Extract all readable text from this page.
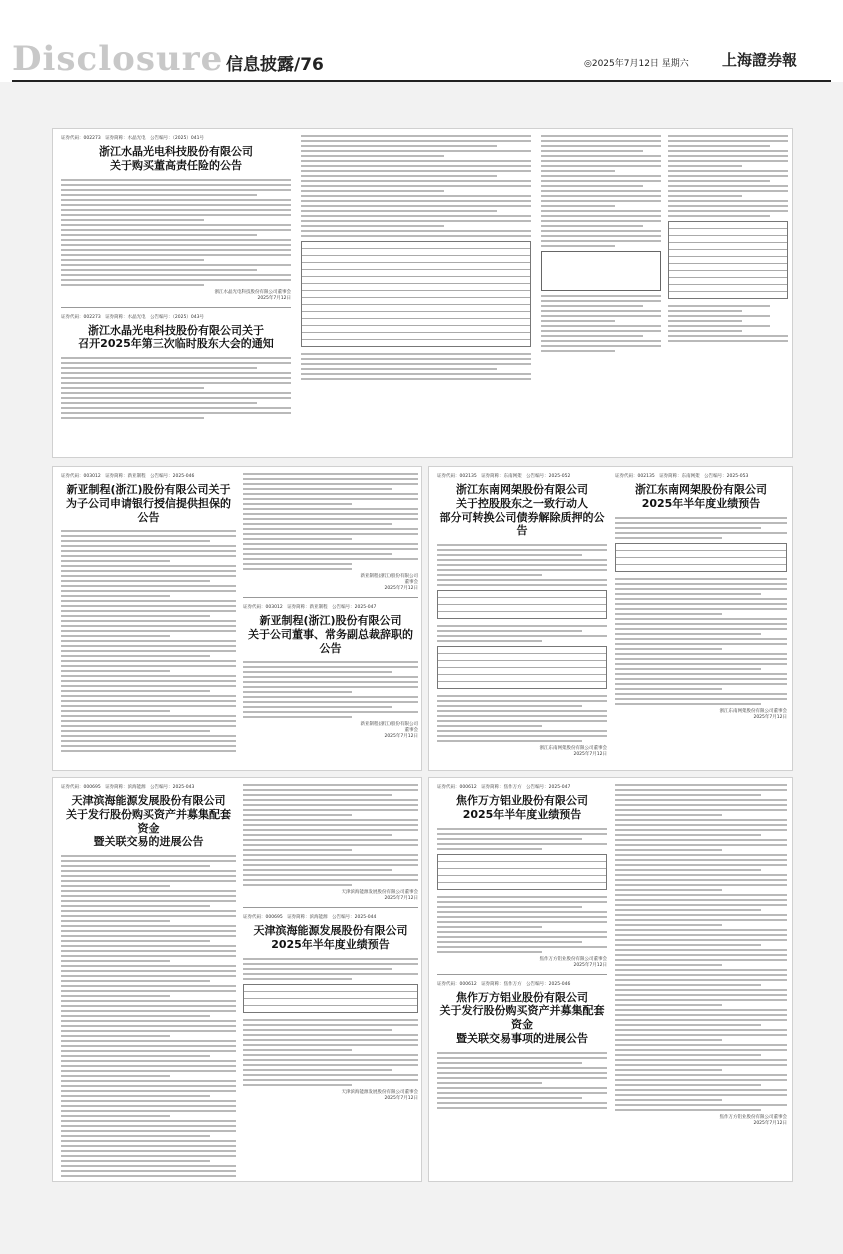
Disclosure 信息披露/76	◎2025年7月12日 星期六 上海證券報
证券代码：002273　证券简称：水晶光电　公告编号：（2025）041号
浙江水晶光电科技股份有限公司
关于购买董高责任险的公告
浙江水晶光电科技股份有限公司董事会
2025年7月12日
证券代码：002273　证券简称：水晶光电　公告编号：（2025）043号
浙江水晶光电科技股份有限公司关于
召开2025年第三次临时股东大会的通知
证券代码：003012　证券简称：新亚制程　公告编号：2025-046
新亚制程(浙江)股份有限公司关于
为子公司申请银行授信提供担保的公告
新亚制程(浙江)股份有限公司
董事会
2025年7月12日
证券代码：003012　证券简称：新亚制程　公告编号：2025-047
新亚制程(浙江)股份有限公司
关于公司董事、常务副总裁辞职的公告
新亚制程(浙江)股份有限公司
董事会
2025年7月12日
证券代码：002135　证券简称：东南网架　公告编号：2025-052
浙江东南网架股份有限公司
关于控股股东之一致行动人
部分可转换公司债券解除质押的公告
浙江东南网架股份有限公司董事会
2025年7月12日
证券代码：002135　证券简称：东南网架　公告编号：2025-053
浙江东南网架股份有限公司
2025年半年度业绩预告
浙江东南网架股份有限公司董事会
2025年7月12日
证券代码：000695　证券简称：滨海能源　公告编号：2025-043
天津滨海能源发展股份有限公司
关于发行股份购买资产并募集配套资金
暨关联交易的进展公告
天津滨海能源发展股份有限公司董事会
2025年7月12日
证券代码：000695　证券简称：滨海能源　公告编号：2025-044
天津滨海能源发展股份有限公司
2025年半年度业绩预告
天津滨海能源发展股份有限公司董事会
2025年7月12日
证券代码：000612　证券简称：焦作万方　公告编号：2025-047
焦作万方铝业股份有限公司
2025年半年度业绩预告
焦作万方铝业股份有限公司董事会
2025年7月12日
证券代码：000612　证券简称：焦作万方　公告编号：2025-046
焦作万方铝业股份有限公司
关于发行股份购买资产并募集配套资金
暨关联交易事项的进展公告
焦作万方铝业股份有限公司董事会
2025年7月12日
